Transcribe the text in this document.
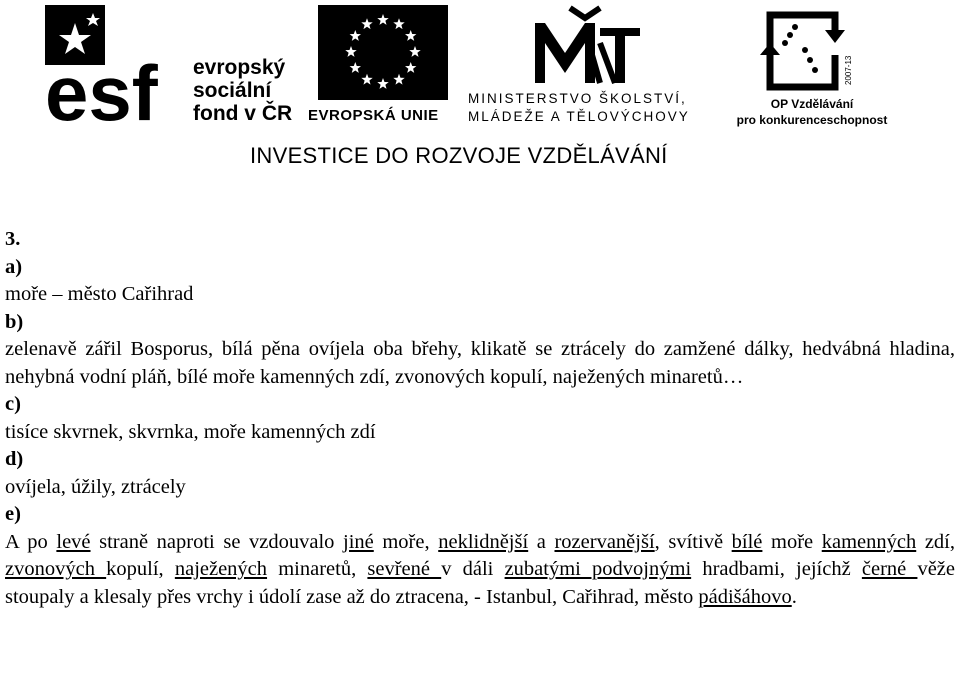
esf evropský
sociální
fond v ČR EVROPSKÁ UNIE
MINISTERSTVO ŠKOLSTVÍ,
MLÁDEŽE A TĚLOVÝCHOVY
2007-13
OP Vzdělávání
pro konkurenceschopnost
INVESTICE DO ROZVOJE VZDĚLÁVÁNÍ

3.

a)

moře – město Cařihrad

b)

zelenavě zářil Bosporus, bílá pěna ovíjela oba břehy, klikatě se ztrácely do zamžené dálky, hedvábná hladina, nehybná vodní pláň, bílé moře kamenných zdí, zvonových kopulí, naježených minaretů…

c)

tisíce skvrnek, skvrnka, moře kamenných zdí

d)

ovíjela, úžily, ztrácely

e)

A po levé straně naproti se vzdouvalo jiné moře, neklidnější a rozervanější, svítivě bílé moře kamenných zdí, zvonových kopulí, naježených minaretů, sevřené v dáli zubatými podvojnými hradbami, jejíchž černé věže stoupaly a klesaly přes vrchy i údolí zase až do ztracena, - Istanbul, Cařihrad, město pádišáhovo.
